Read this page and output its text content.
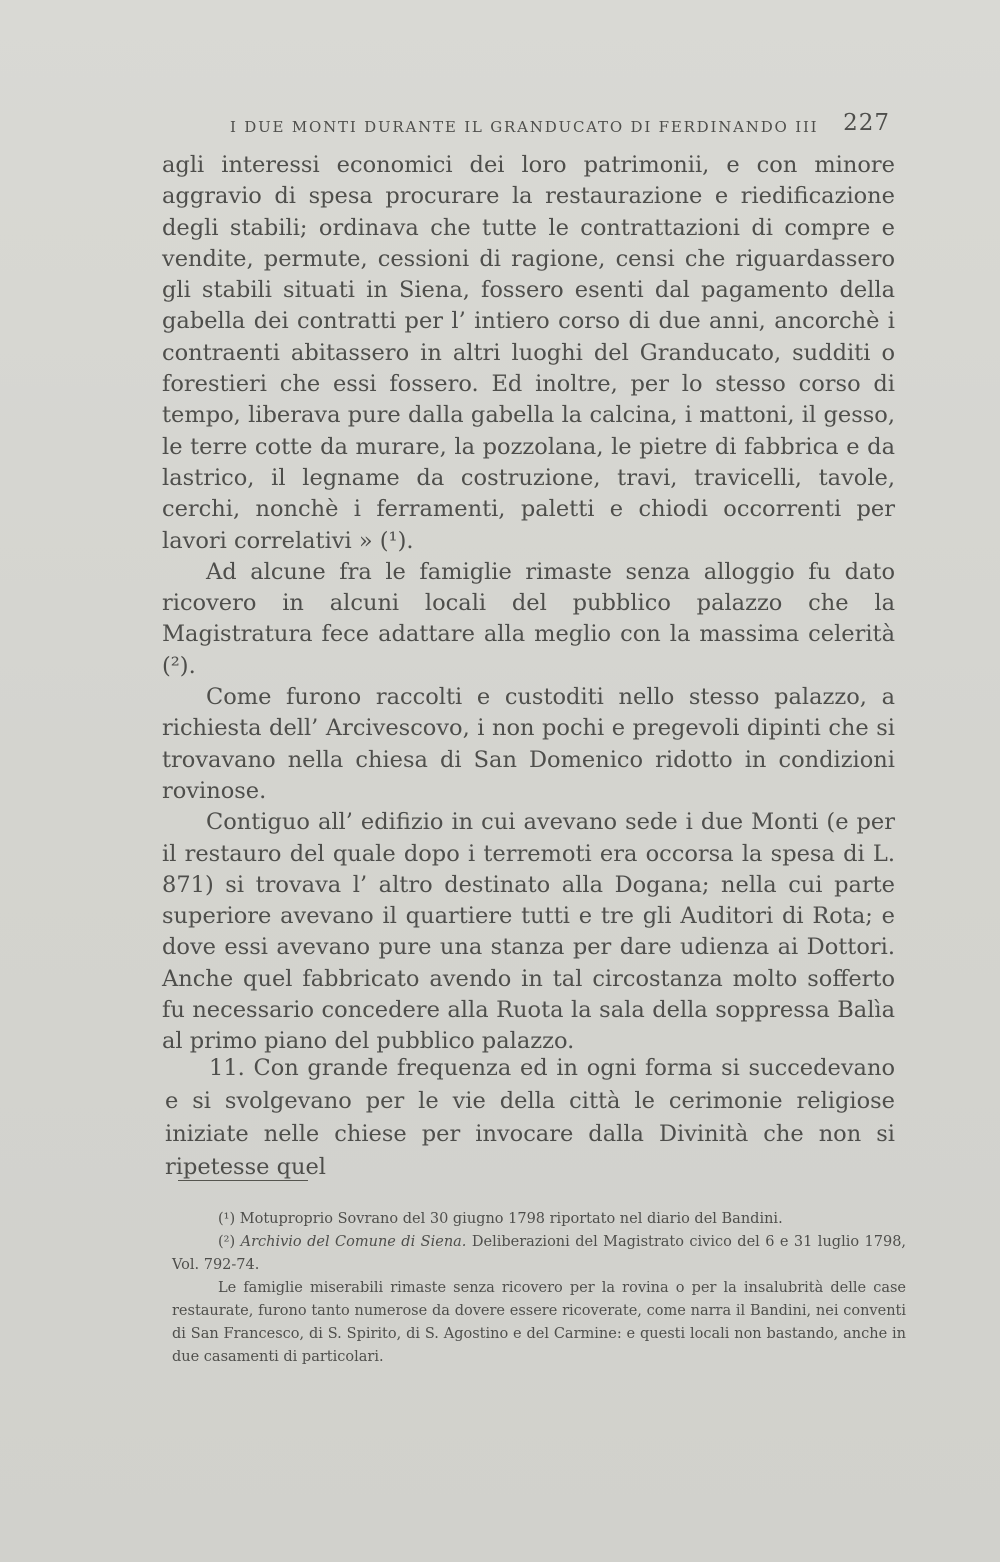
I DUE MONTI DURANTE IL GRANDUCATO DI FERDINANDO III 227

agli interessi economici dei loro patrimonii, e con minore aggravio di spesa procurare la restaurazione e riedificazione degli stabili; ordinava che tutte le contrattazioni di compre e vendite, permute, cessioni di ragione, censi che riguardassero gli stabili situati in Siena, fossero esenti dal pagamento della gabella dei contratti per l’ intiero corso di due anni, ancorchè i contraenti abitassero in altri luoghi del Granducato, sudditi o forestieri che essi fossero. Ed inoltre, per lo stesso corso di tempo, liberava pure dalla gabella la calcina, i mattoni, il gesso, le terre cotte da murare, la pozzolana, le pietre di fabbrica e da lastrico, il legname da costruzione, travi, travicelli, tavole, cerchi, nonchè i ferramenti, paletti e chiodi occorrenti per lavori correlativi » (¹).

Ad alcune fra le famiglie rimaste senza alloggio fu dato ricovero in alcuni locali del pubblico palazzo che la Magistratura fece adattare alla meglio con la massima celerità (²).

Come furono raccolti e custoditi nello stesso palazzo, a richiesta dell’ Arcivescovo, i non pochi e pregevoli dipinti che si trovavano nella chiesa di San Domenico ridotto in condizioni rovinose.

Contiguo all’ edifizio in cui avevano sede i due Monti (e per il restauro del quale dopo i terremoti era occorsa la spesa di L. 871) si trovava l’ altro destinato alla Dogana; nella cui parte superiore avevano il quartiere tutti e tre gli Auditori di Rota; e dove essi avevano pure una stanza per dare udienza ai Dottori. Anche quel fabbricato avendo in tal circostanza molto sofferto fu necessario concedere alla Ruota la sala della soppressa Balìa al primo piano del pubblico palazzo.

11. Con grande frequenza ed in ogni forma si succedevano e si svolgevano per le vie della città le cerimonie religiose iniziate nelle chiese per invocare dalla Divinità che non si ripetesse quel

(¹) Motuproprio Sovrano del 30 giugno 1798 riportato nel diario del Bandini.

(²) Archivio del Comune di Siena. Deliberazioni del Magistrato civico del 6 e 31 luglio 1798, Vol. 792-74.

Le famiglie miserabili rimaste senza ricovero per la rovina o per la insalubrità delle case restaurate, furono tanto numerose da dovere essere ricoverate, come narra il Bandini, nei conventi di San Francesco, di S. Spirito, di S. Agostino e del Carmine: e questi locali non bastando, anche in due casamenti di particolari.
